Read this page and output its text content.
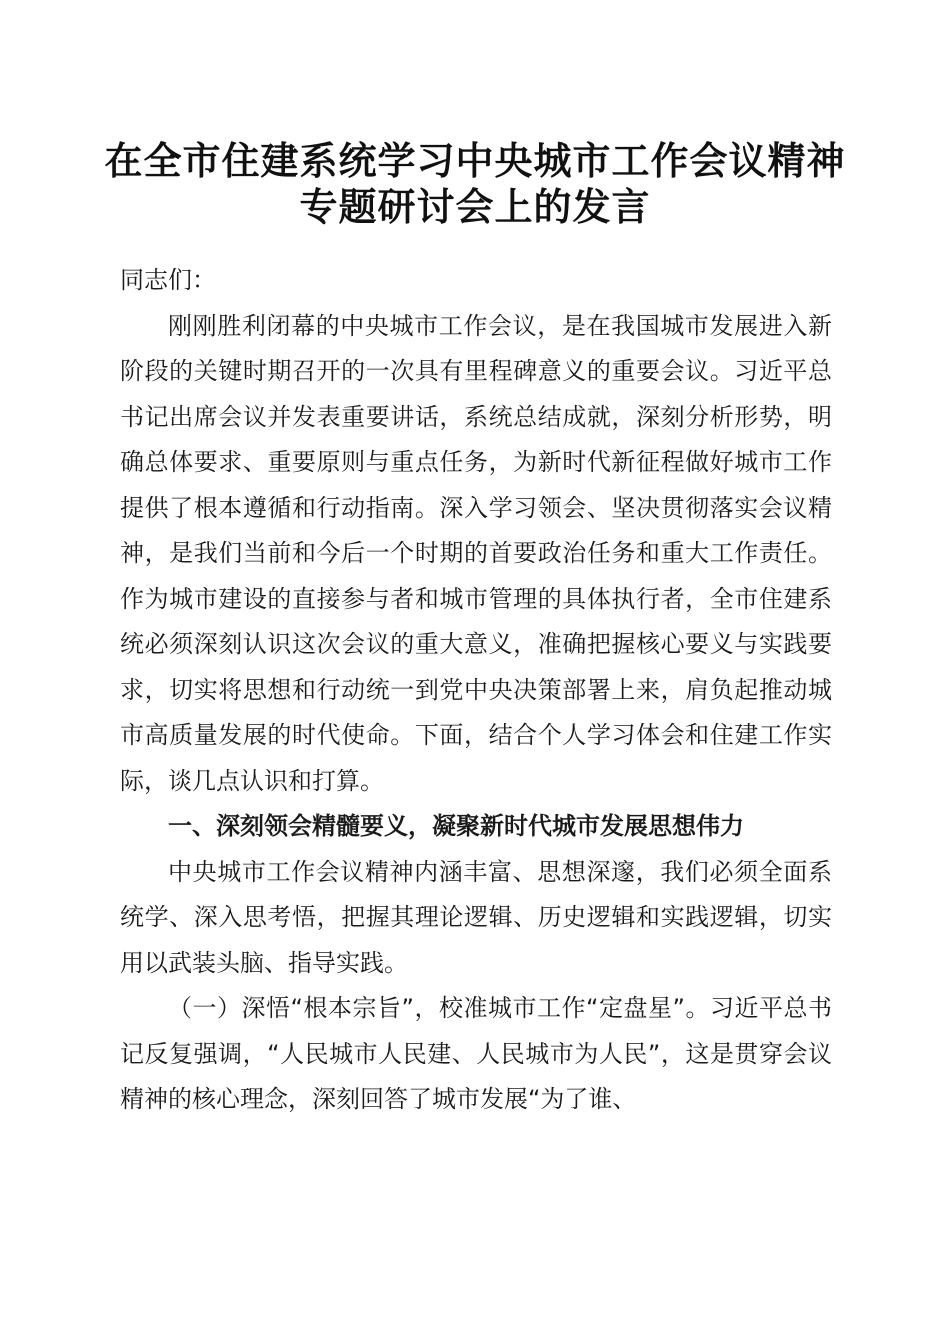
在全市住建系统学习中央城市工作会议精神专题研讨会上的发言

同志们：

刚刚胜利闭幕的中央城市工作会议，是在我国城市发展进入新阶段的关键时期召开的一次具有里程碑意义的重要会议。习近平总书记出席会议并发表重要讲话，系统总结成就，深刻分析形势，明确总体要求、重要原则与重点任务，为新时代新征程做好城市工作提供了根本遵循和行动指南。深入学习领会、坚决贯彻落实会议精神，是我们当前和今后一个时期的首要政治任务和重大工作责任。作为城市建设的直接参与者和城市管理的具体执行者，全市住建系统必须深刻认识这次会议的重大意义，准确把握核心要义与实践要求，切实将思想和行动统一到党中央决策部署上来，肩负起推动城市高质量发展的时代使命。下面，结合个人学习体会和住建工作实际，谈几点认识和打算。

一、深刻领会精髓要义，凝聚新时代城市发展思想伟力

中央城市工作会议精神内涵丰富、思想深邃，我们必须全面系统学、深入思考悟，把握其理论逻辑、历史逻辑和实践逻辑，切实用以武装头脑、指导实践。

（一）深悟“根本宗旨”，校准城市工作“定盘星”。习近平总书记反复强调，“人民城市人民建、人民城市为人民”，这是贯穿会议精神的核心理念，深刻回答了城市发展“为了谁、
